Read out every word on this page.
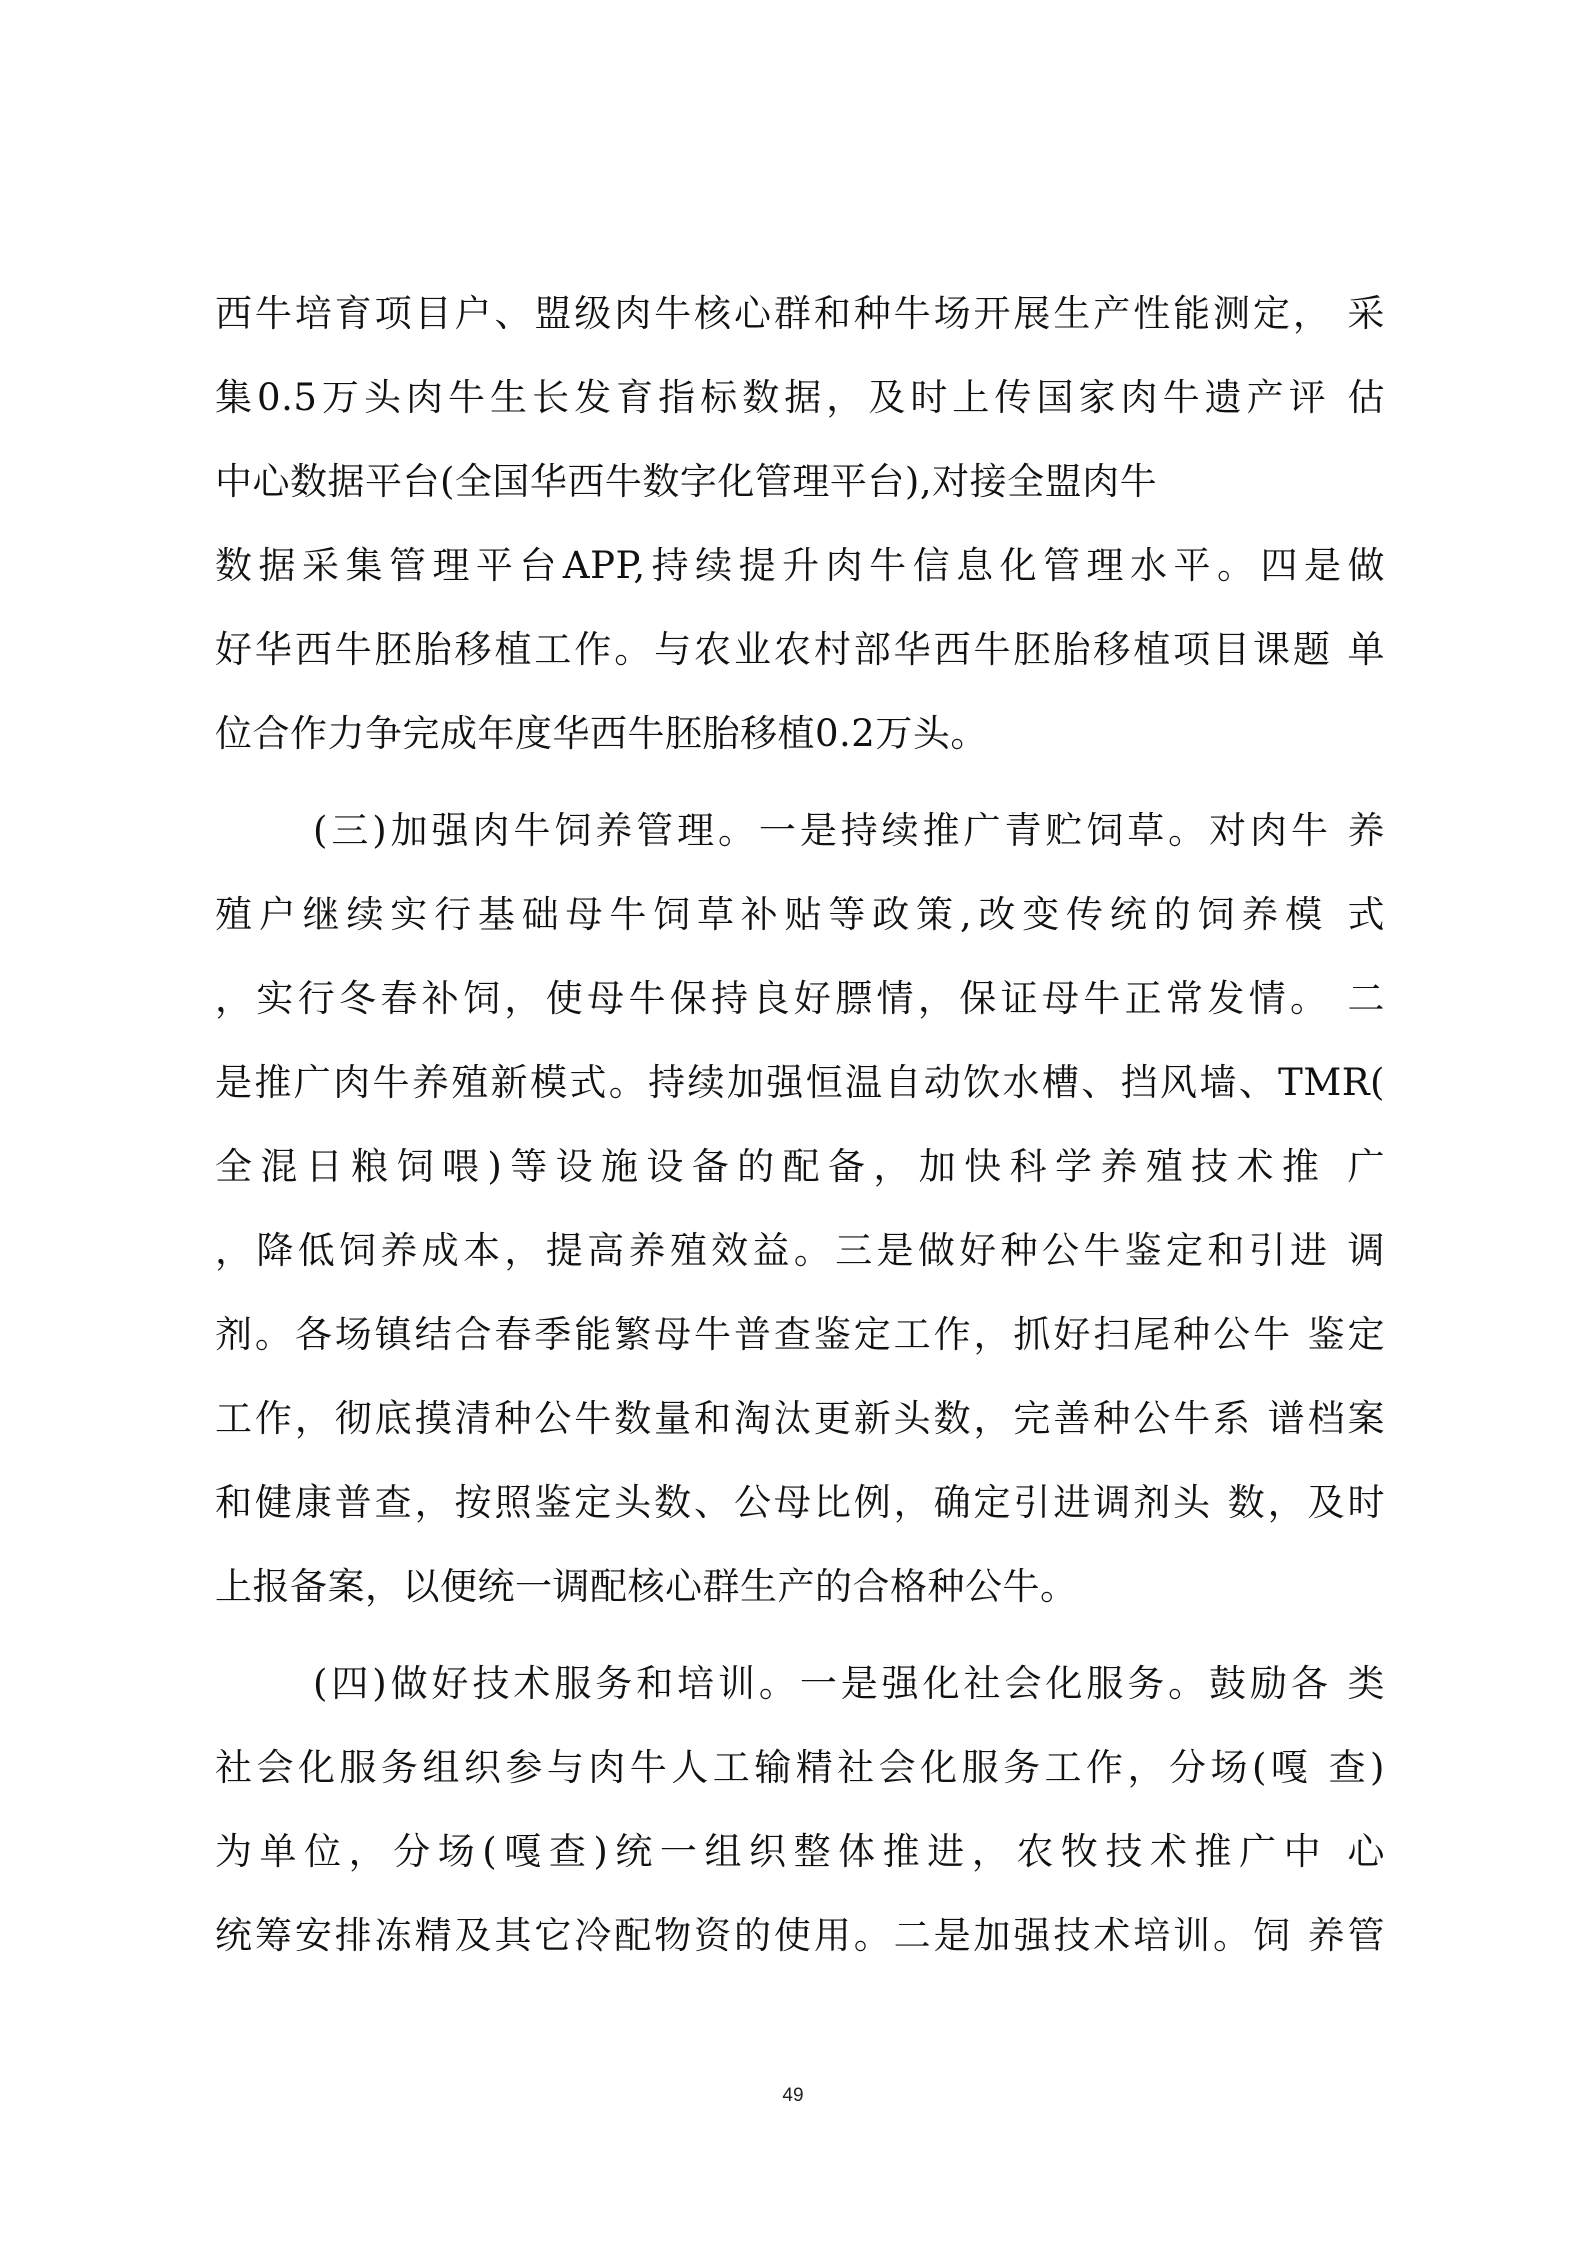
西牛培育项目户、盟级肉牛核心群和种牛场开展生产性能测定， 采
集0.5万头肉牛生长发育指标数据，及时上传国家肉牛遗产评 估
中心数据平台(全国华西牛数字化管理平台),对接全盟肉牛
数据采集管理平台APP,持续提升肉牛信息化管理水平。四是做
好华西牛胚胎移植工作。与农业农村部华西牛胚胎移植项目课题 单
位合作力争完成年度华西牛胚胎移植0.2万头。
(三)加强肉牛饲养管理。一是持续推广青贮饲草。对肉牛 养
殖户继续实行基础母牛饲草补贴等政策,改变传统的饲养模 式
，实行冬春补饲，使母牛保持良好膘情，保证母牛正常发情。 二
是推广肉牛养殖新模式。持续加强恒温自动饮水槽、挡风墙、TMR(
全混日粮饲喂)等设施设备的配备，加快科学养殖技术推 广
，降低饲养成本，提高养殖效益。三是做好种公牛鉴定和引进 调
剂。各场镇结合春季能繁母牛普查鉴定工作，抓好扫尾种公牛 鉴定
工作，彻底摸清种公牛数量和淘汰更新头数，完善种公牛系 谱档案
和健康普查，按照鉴定头数、公母比例，确定引进调剂头 数，及时
上报备案，以便统一调配核心群生产的合格种公牛。
(四)做好技术服务和培训。一是强化社会化服务。鼓励各 类
社会化服务组织参与肉牛人工输精社会化服务工作，分场(嘎 查)
为单位，分场(嘎查)统一组织整体推进，农牧技术推广中 心
统筹安排冻精及其它冷配物资的使用。二是加强技术培训。饲 养管
49
